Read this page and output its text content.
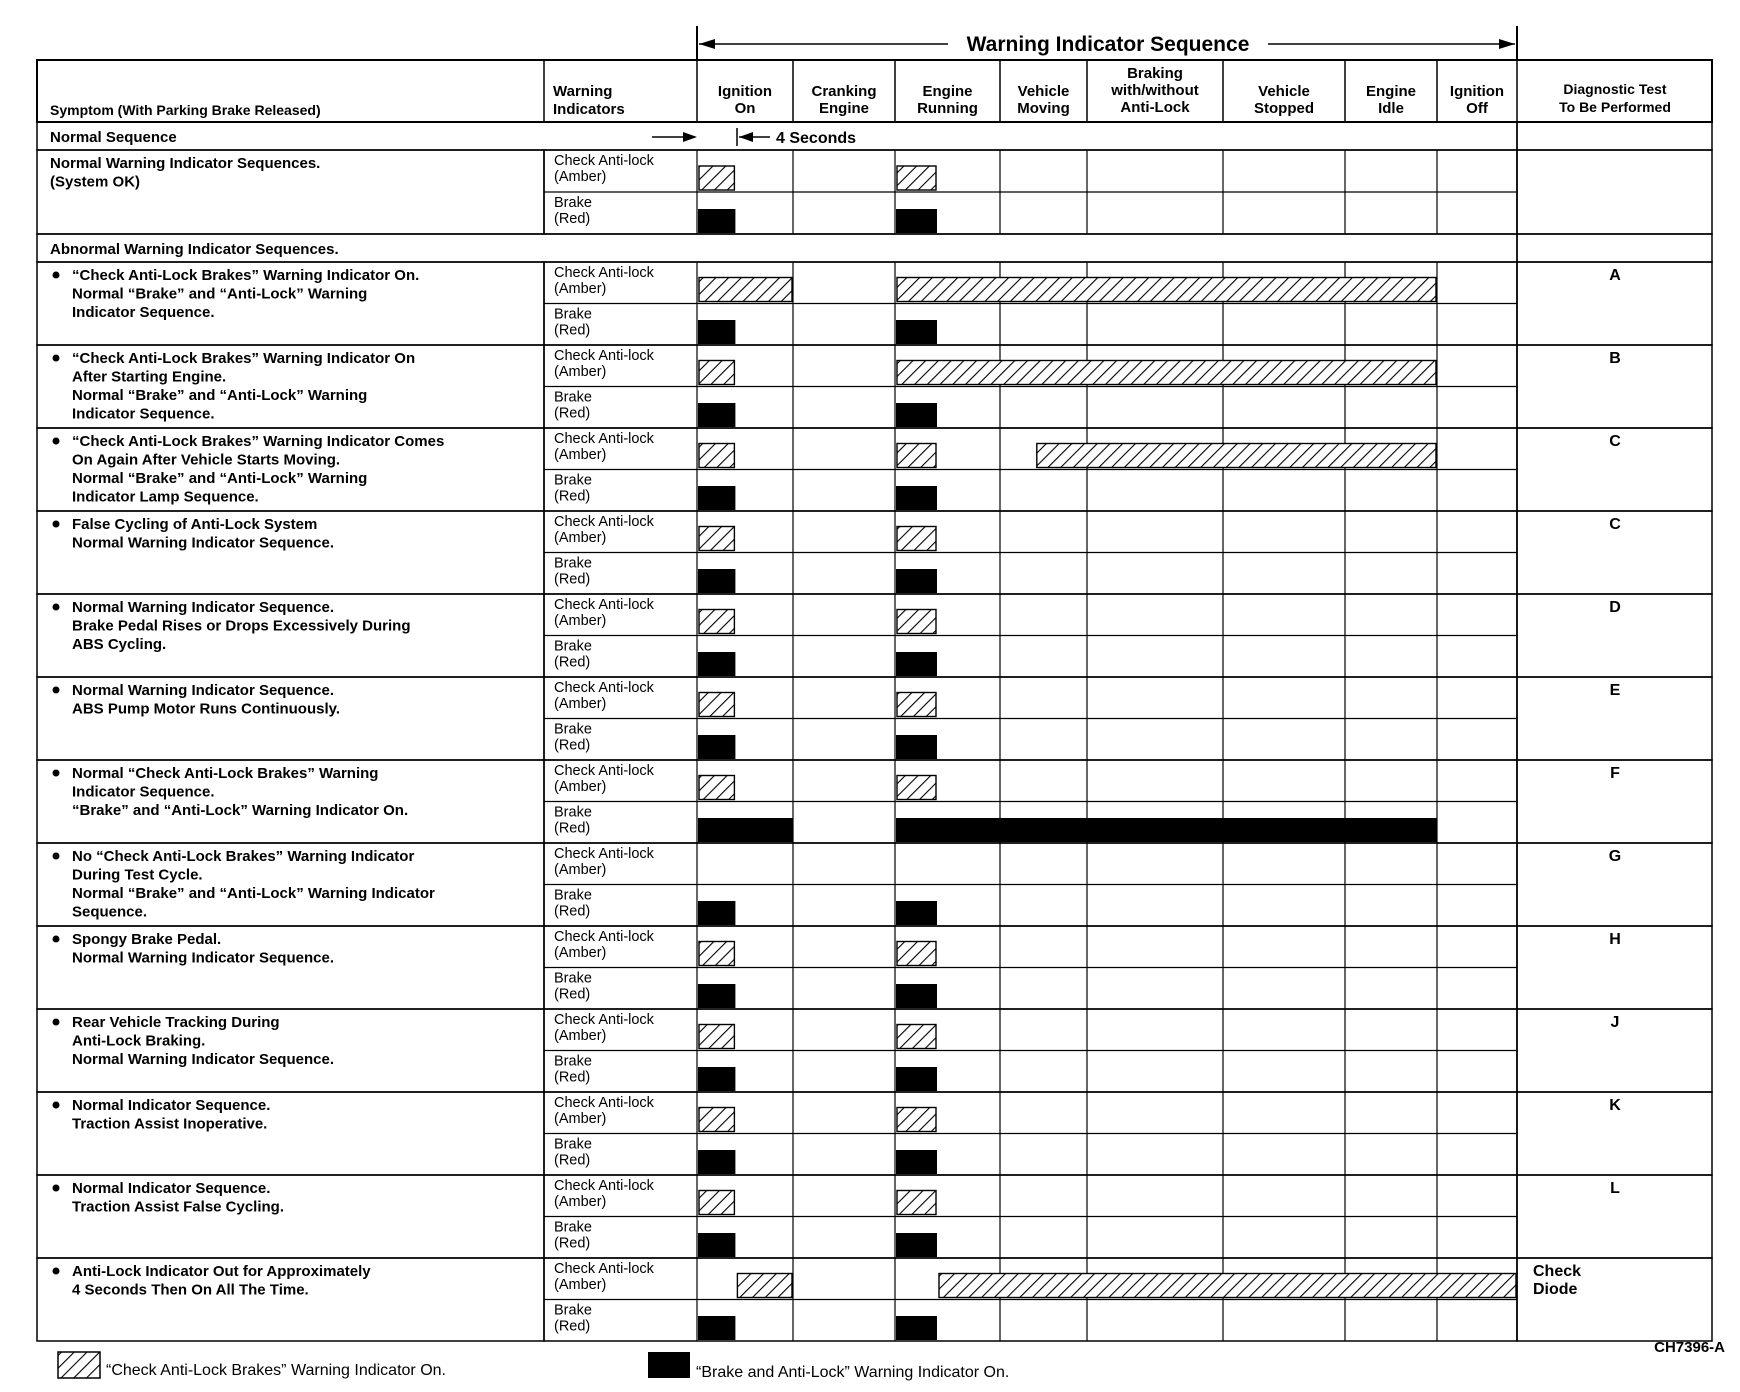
Warning Indicator Sequence
Symptom (With Parking Brake Released)
Warning
Indicators
Diagnostic Test
To Be Performed
Ignition
On
Cranking
Engine
Engine
Running
Vehicle
Moving
Braking
with/without
Anti-Lock
Vehicle
Stopped
Engine
Idle
Ignition
Off
Normal Sequence	4 Seconds
Normal Warning Indicator Sequences.
(System OK)
Check Anti-lock
(Amber)
Brake
(Red)
Abnormal Warning Indicator Sequences.
“Check Anti-Lock Brakes” Warning Indicator On.
Normal “Brake” and “Anti-Lock” Warning
Indicator Sequence.
Check Anti-lock
(Amber)
Brake
(Red)
A
“Check Anti-Lock Brakes” Warning Indicator On
After Starting Engine.
Normal “Brake” and “Anti-Lock” Warning
Indicator Sequence.
Check Anti-lock
(Amber)
Brake
(Red)
B
“Check Anti-Lock Brakes” Warning Indicator Comes
On Again After Vehicle Starts Moving.
Normal “Brake” and “Anti-Lock” Warning
Indicator Lamp Sequence.
Check Anti-lock
(Amber)
Brake
(Red)
C
False Cycling of Anti-Lock System
Normal Warning Indicator Sequence.
Check Anti-lock
(Amber)
Brake
(Red)
C
Normal Warning Indicator Sequence.
Brake Pedal Rises or Drops Excessively During
ABS Cycling.
Check Anti-lock
(Amber)
Brake
(Red)
D
Normal Warning Indicator Sequence.
ABS Pump Motor Runs Continuously.
Check Anti-lock
(Amber)
Brake
(Red)
E
Normal “Check Anti-Lock Brakes” Warning
Indicator Sequence.
“Brake” and “Anti-Lock” Warning Indicator On.
Check Anti-lock
(Amber)
Brake
(Red)
F
No “Check Anti-Lock Brakes” Warning Indicator
During Test Cycle.
Normal “Brake” and “Anti-Lock” Warning Indicator
Sequence.
Check Anti-lock
(Amber)
Brake
(Red)
G
Spongy Brake Pedal.
Normal Warning Indicator Sequence.
Check Anti-lock
(Amber)
Brake
(Red)
H
Rear Vehicle Tracking During
Anti-Lock Braking.
Normal Warning Indicator Sequence.
Check Anti-lock
(Amber)
Brake
(Red)
J
Normal Indicator Sequence.
Traction Assist Inoperative.
Check Anti-lock
(Amber)
Brake
(Red)
K
Normal Indicator Sequence.
Traction Assist False Cycling.
Check Anti-lock
(Amber)
Brake
(Red)
L
Anti-Lock Indicator Out for Approximately
4 Seconds Then On All The Time.
Check Anti-lock
(Amber)
Brake
(Red)
Check
Diode
“Check Anti-Lock Brakes” Warning Indicator On.	“Brake and Anti-Lock” Warning Indicator On.
CH7396-A
